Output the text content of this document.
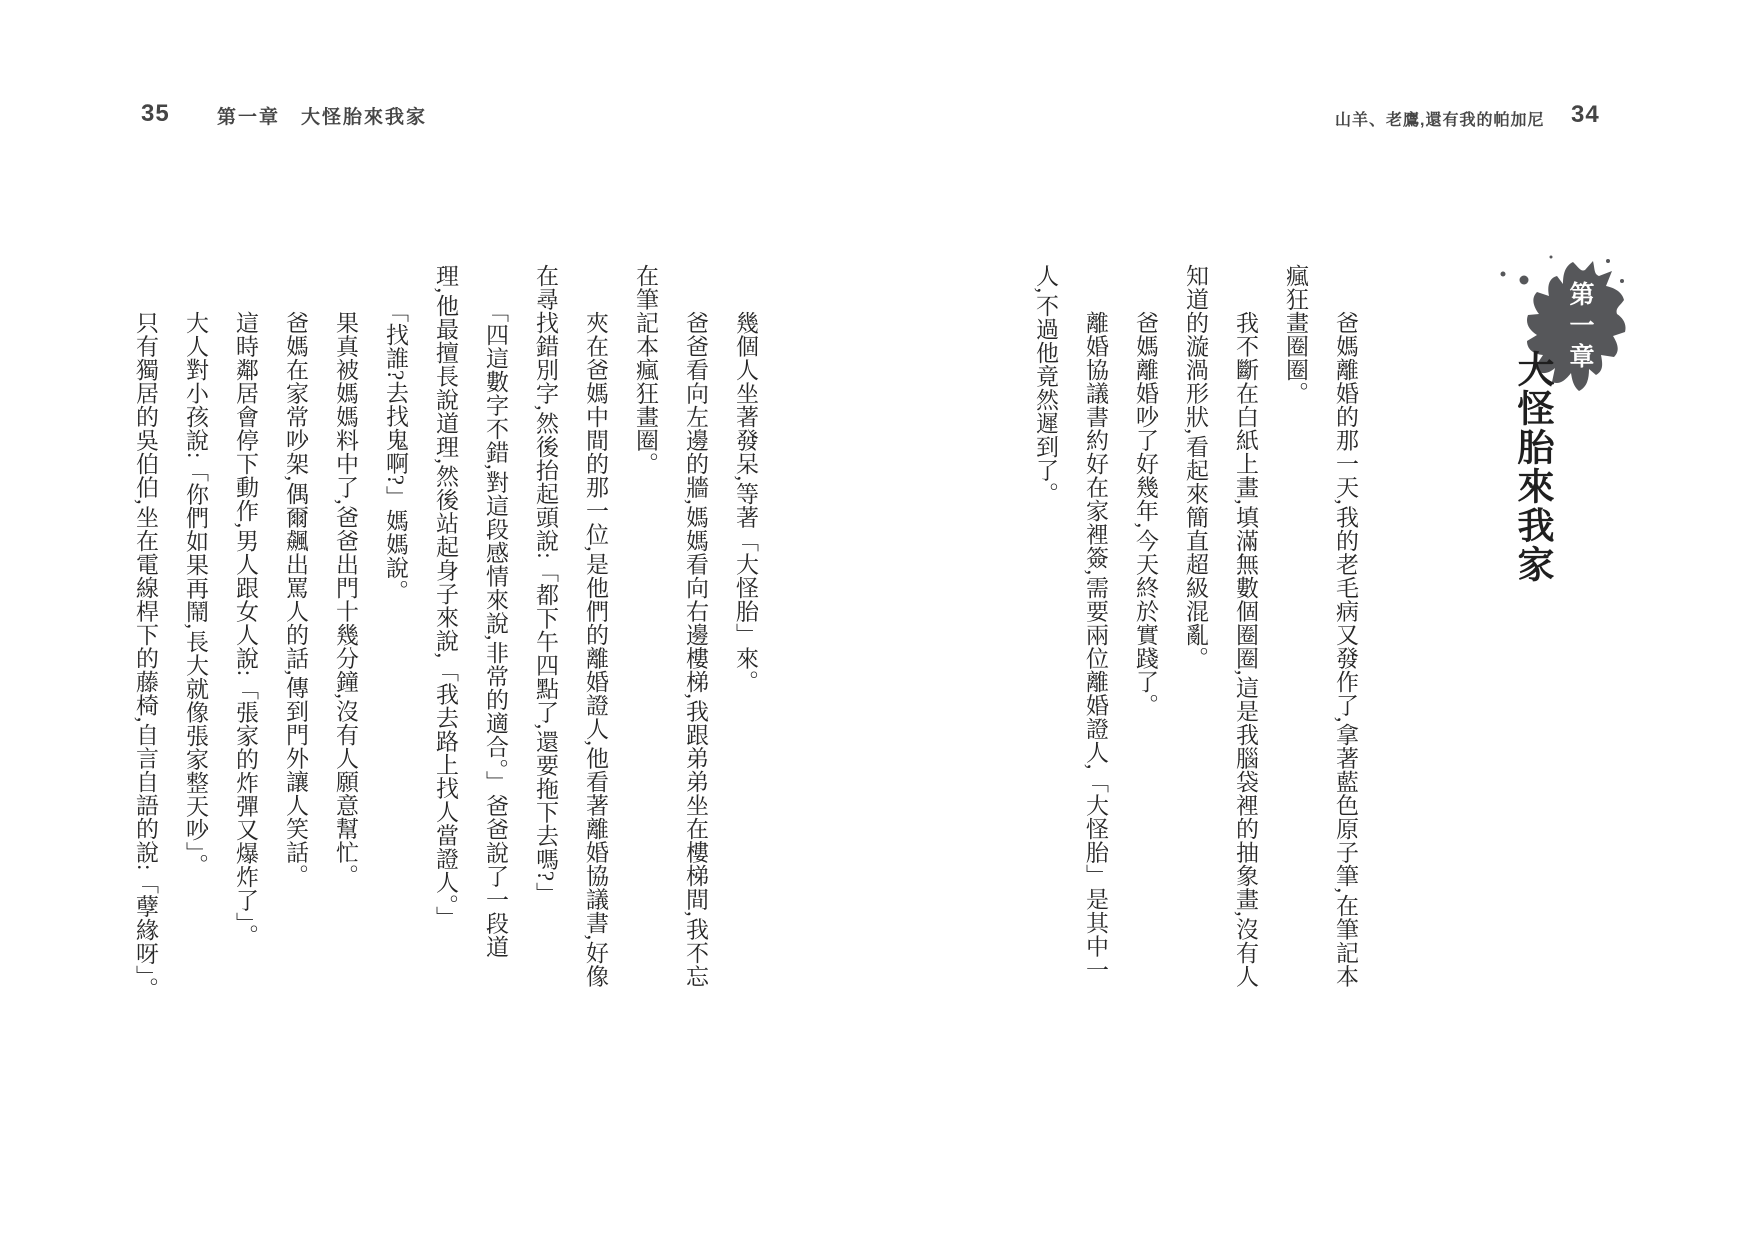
35 第一章　大怪胎來我家
　　幾個人坐著發呆,等著「大怪胎」來。
　　爸爸看向左邊的牆,媽媽看向右邊樓梯,我跟弟弟坐在樓梯間,我不忘
在筆記本瘋狂畫圈。
　　夾在爸媽中間的那一位,是他們的離婚證人,他看著離婚協議書,好像
在尋找錯別字,然後抬起頭說:「都下午四點了,還要拖下去嗎?」
　　「四這數字不錯,對這段感情來說,非常的適合。」爸爸說了一段道
理,他最擅長說道理,然後站起身子來說,「我去路上找人當證人。」
　　「找誰?去找鬼啊?」媽媽說。
　　果真被媽媽料中了,爸爸出門十幾分鐘,沒有人願意幫忙。
　　爸媽在家常吵架,偶爾飆出罵人的話,傳到門外讓人笑話。
　　這時鄰居會停下動作,男人跟女人說:「張家的炸彈又爆炸了」。
　　大人對小孩說:「你們如果再鬧,長大就像張家整天吵」。
　　只有獨居的吳伯伯,坐在電線桿下的藤椅,自言自語的說:「孽緣呀」。
山羊、老鷹,還有我的帕加尼 34
第一章
大怪胎來我家
　　爸媽離婚的那一天,我的老毛病又發作了,拿著藍色原子筆,在筆記本
瘋狂畫圈圈。
　　我不斷在白紙上畫,填滿無數個圈圈,這是我腦袋裡的抽象畫,沒有人
知道的漩渦形狀,看起來簡直超級混亂。
　　爸媽離婚吵了好幾年,今天終於實踐了。
　　離婚協議書約好在家裡簽,需要兩位離婚證人,「大怪胎」是其中一
人,不過他竟然遲到了。
